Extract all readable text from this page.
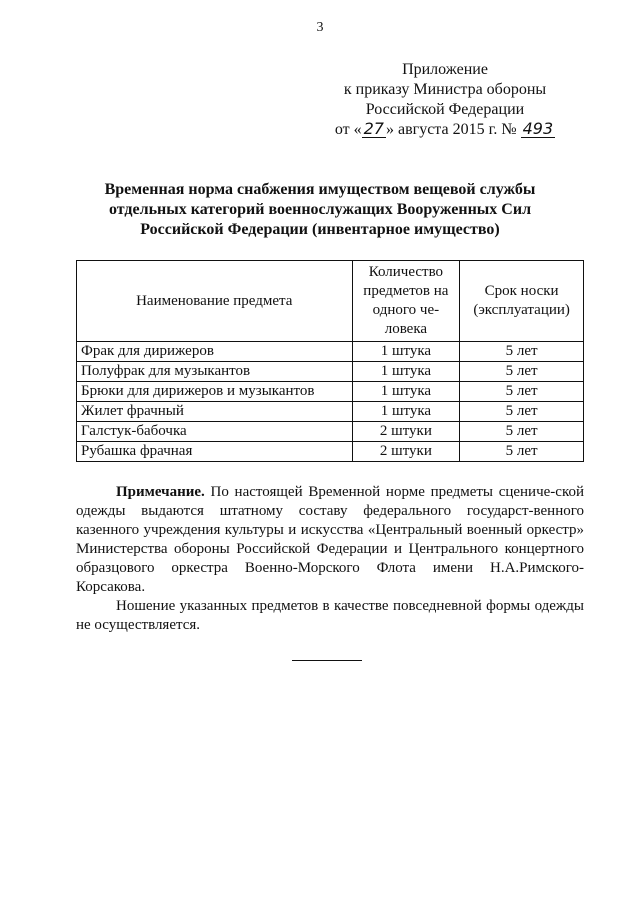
3
Приложение
к приказу Министра обороны
Российской Федерации
от « 27 » августа 2015 г. № 493
Временная норма снабжения имуществом вещевой службы
отдельных категорий военнослужащих Вооруженных Сил
Российской Федерации (инвентарное имущество)
Наименование предмета	Количество предметов на одного че-ловека	Срок носки (эксплуатации)
Фрак для дирижеров	1 штука	5 лет
Полуфрак для музыкантов	1 штука	5 лет
Брюки для дирижеров и музыкантов	1 штука	5 лет
Жилет фрачный	1 штука	5 лет
Галстук-бабочка	2 штуки	5 лет
Рубашка фрачная	2 штуки	5 лет

Примечание. По настоящей Временной норме предметы сцениче-ской одежды выдаются штатному составу федерального государст-венного казенного учреждения культуры и искусства «Центральный военный оркестр» Министерства обороны Российской Федерации и Центрального концертного образцового оркестра Военно-Морского Флота имени Н.А.Римского-Корсакова.

Ношение указанных предметов в качестве повседневной формы одежды не осуществляется.
